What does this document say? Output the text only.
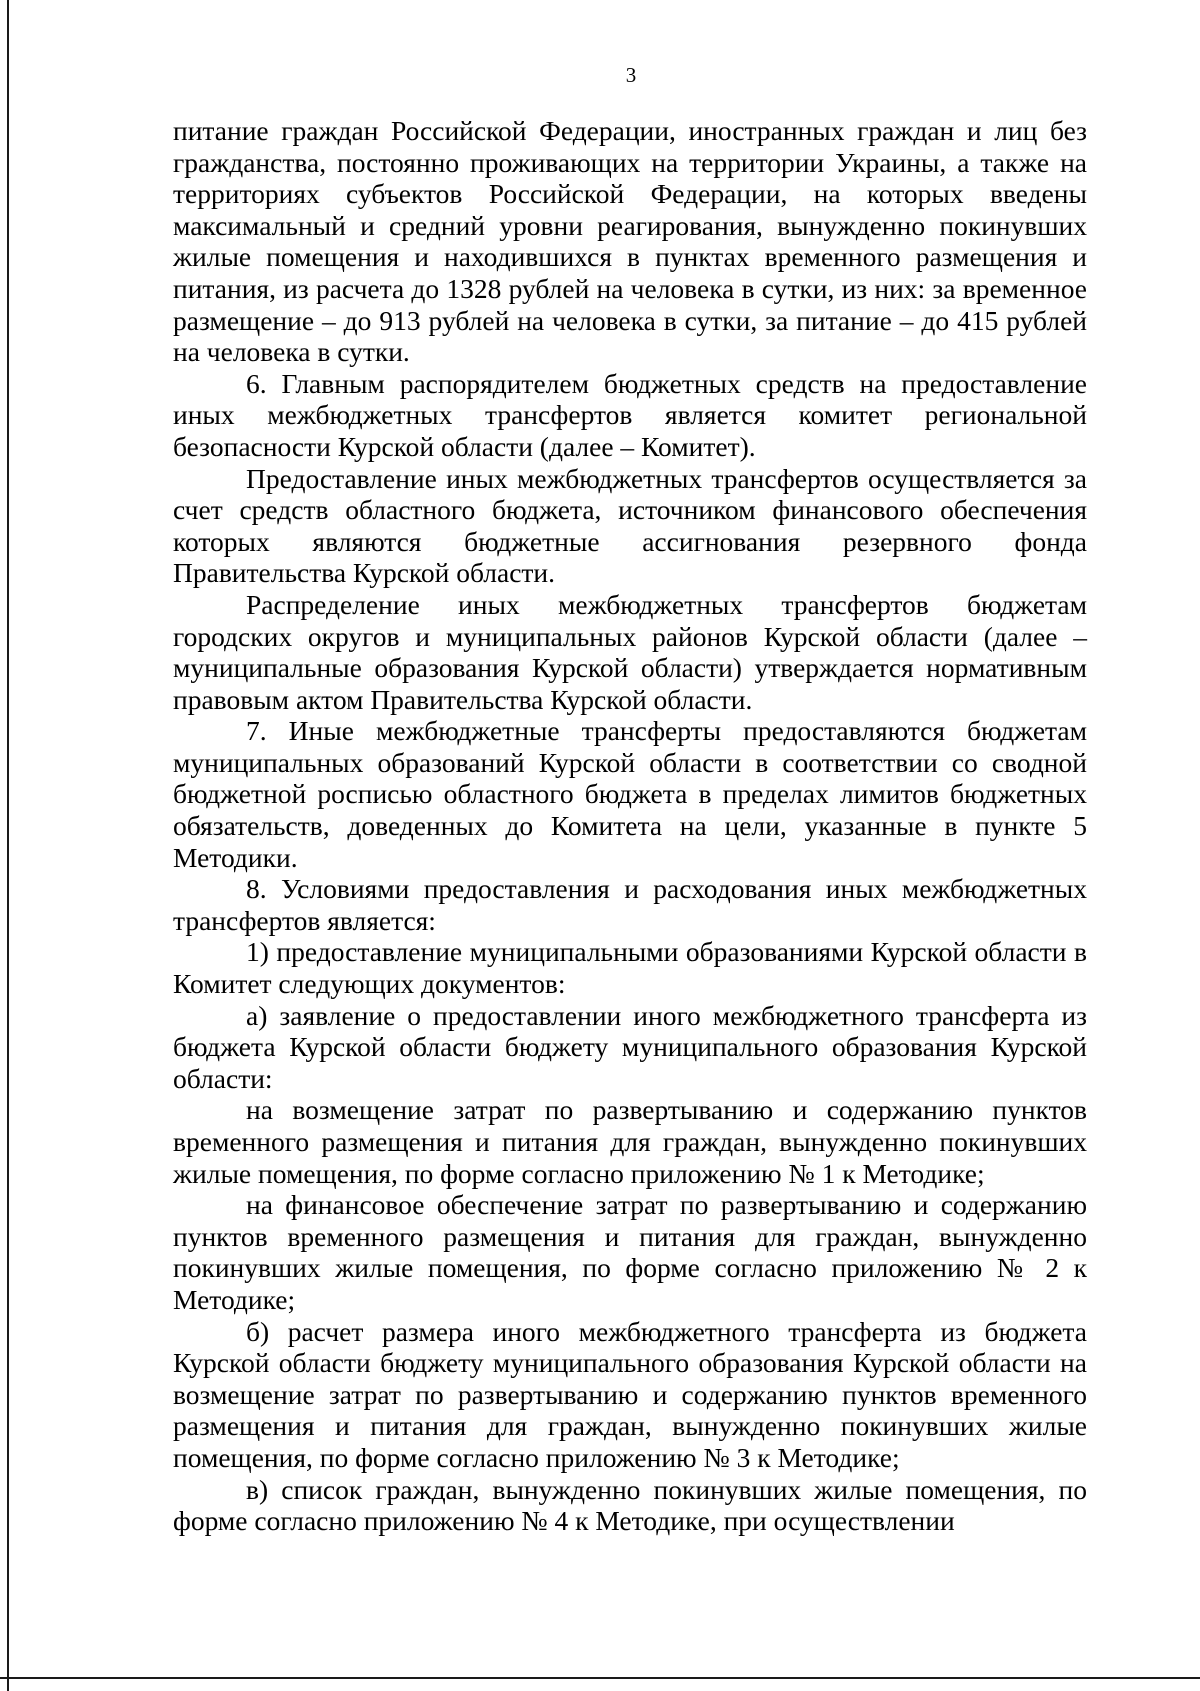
3

питание граждан Российской Федерации, иностранных граждан и лиц без гражданства, постоянно проживающих на территории Украины, а также на территориях субъектов Российской Федерации, на которых введены максимальный и средний уровни реагирования, вынужденно покинувших жилые помещения и находившихся в пунктах временного размещения и питания, из расчета до 1328 рублей на человека в сутки, из них: за временное размещение – до 913 рублей на человека в сутки, за питание – до 415 рублей на человека в сутки.

6. Главным распорядителем бюджетных средств на предоставление иных межбюджетных трансфертов является комитет региональной безопасности Курской области (далее – Комитет).

Предоставление иных межбюджетных трансфертов осуществляется за счет средств областного бюджета, источником финансового обеспечения которых являются бюджетные ассигнования резервного фонда Правительства Курской области.

Распределение иных межбюджетных трансфертов бюджетам городских округов и муниципальных районов Курской области (далее – муниципальные образования Курской области) утверждается нормативным правовым актом Правительства Курской области.

7. Иные межбюджетные трансферты предоставляются бюджетам муниципальных образований Курской области в соответствии со сводной бюджетной росписью областного бюджета в пределах лимитов бюджетных обязательств, доведенных до Комитета на цели, указанные в пункте 5 Методики.

8. Условиями предоставления и расходования иных межбюджетных трансфертов является:

1) предоставление муниципальными образованиями Курской области в Комитет следующих документов:

а) заявление о предоставлении иного межбюджетного трансферта из бюджета Курской области бюджету муниципального образования Курской области:

на возмещение затрат по развертыванию и содержанию пунктов временного размещения и питания для граждан, вынужденно покинувших жилые помещения, по форме согласно приложению № 1 к Методике;

на финансовое обеспечение затрат по развертыванию и содержанию пунктов временного размещения и питания для граждан, вынужденно покинувших жилые помещения, по форме согласно приложению № 2 к Методике;

б) расчет размера иного межбюджетного трансферта из бюджета Курской области бюджету муниципального образования Курской области на возмещение затрат по развертыванию и содержанию пунктов временного размещения и питания для граждан, вынужденно покинувших жилые помещения, по форме согласно приложению № 3 к Методике;

в) список граждан, вынужденно покинувших жилые помещения, по форме согласно приложению № 4 к Методике, при осуществлении
